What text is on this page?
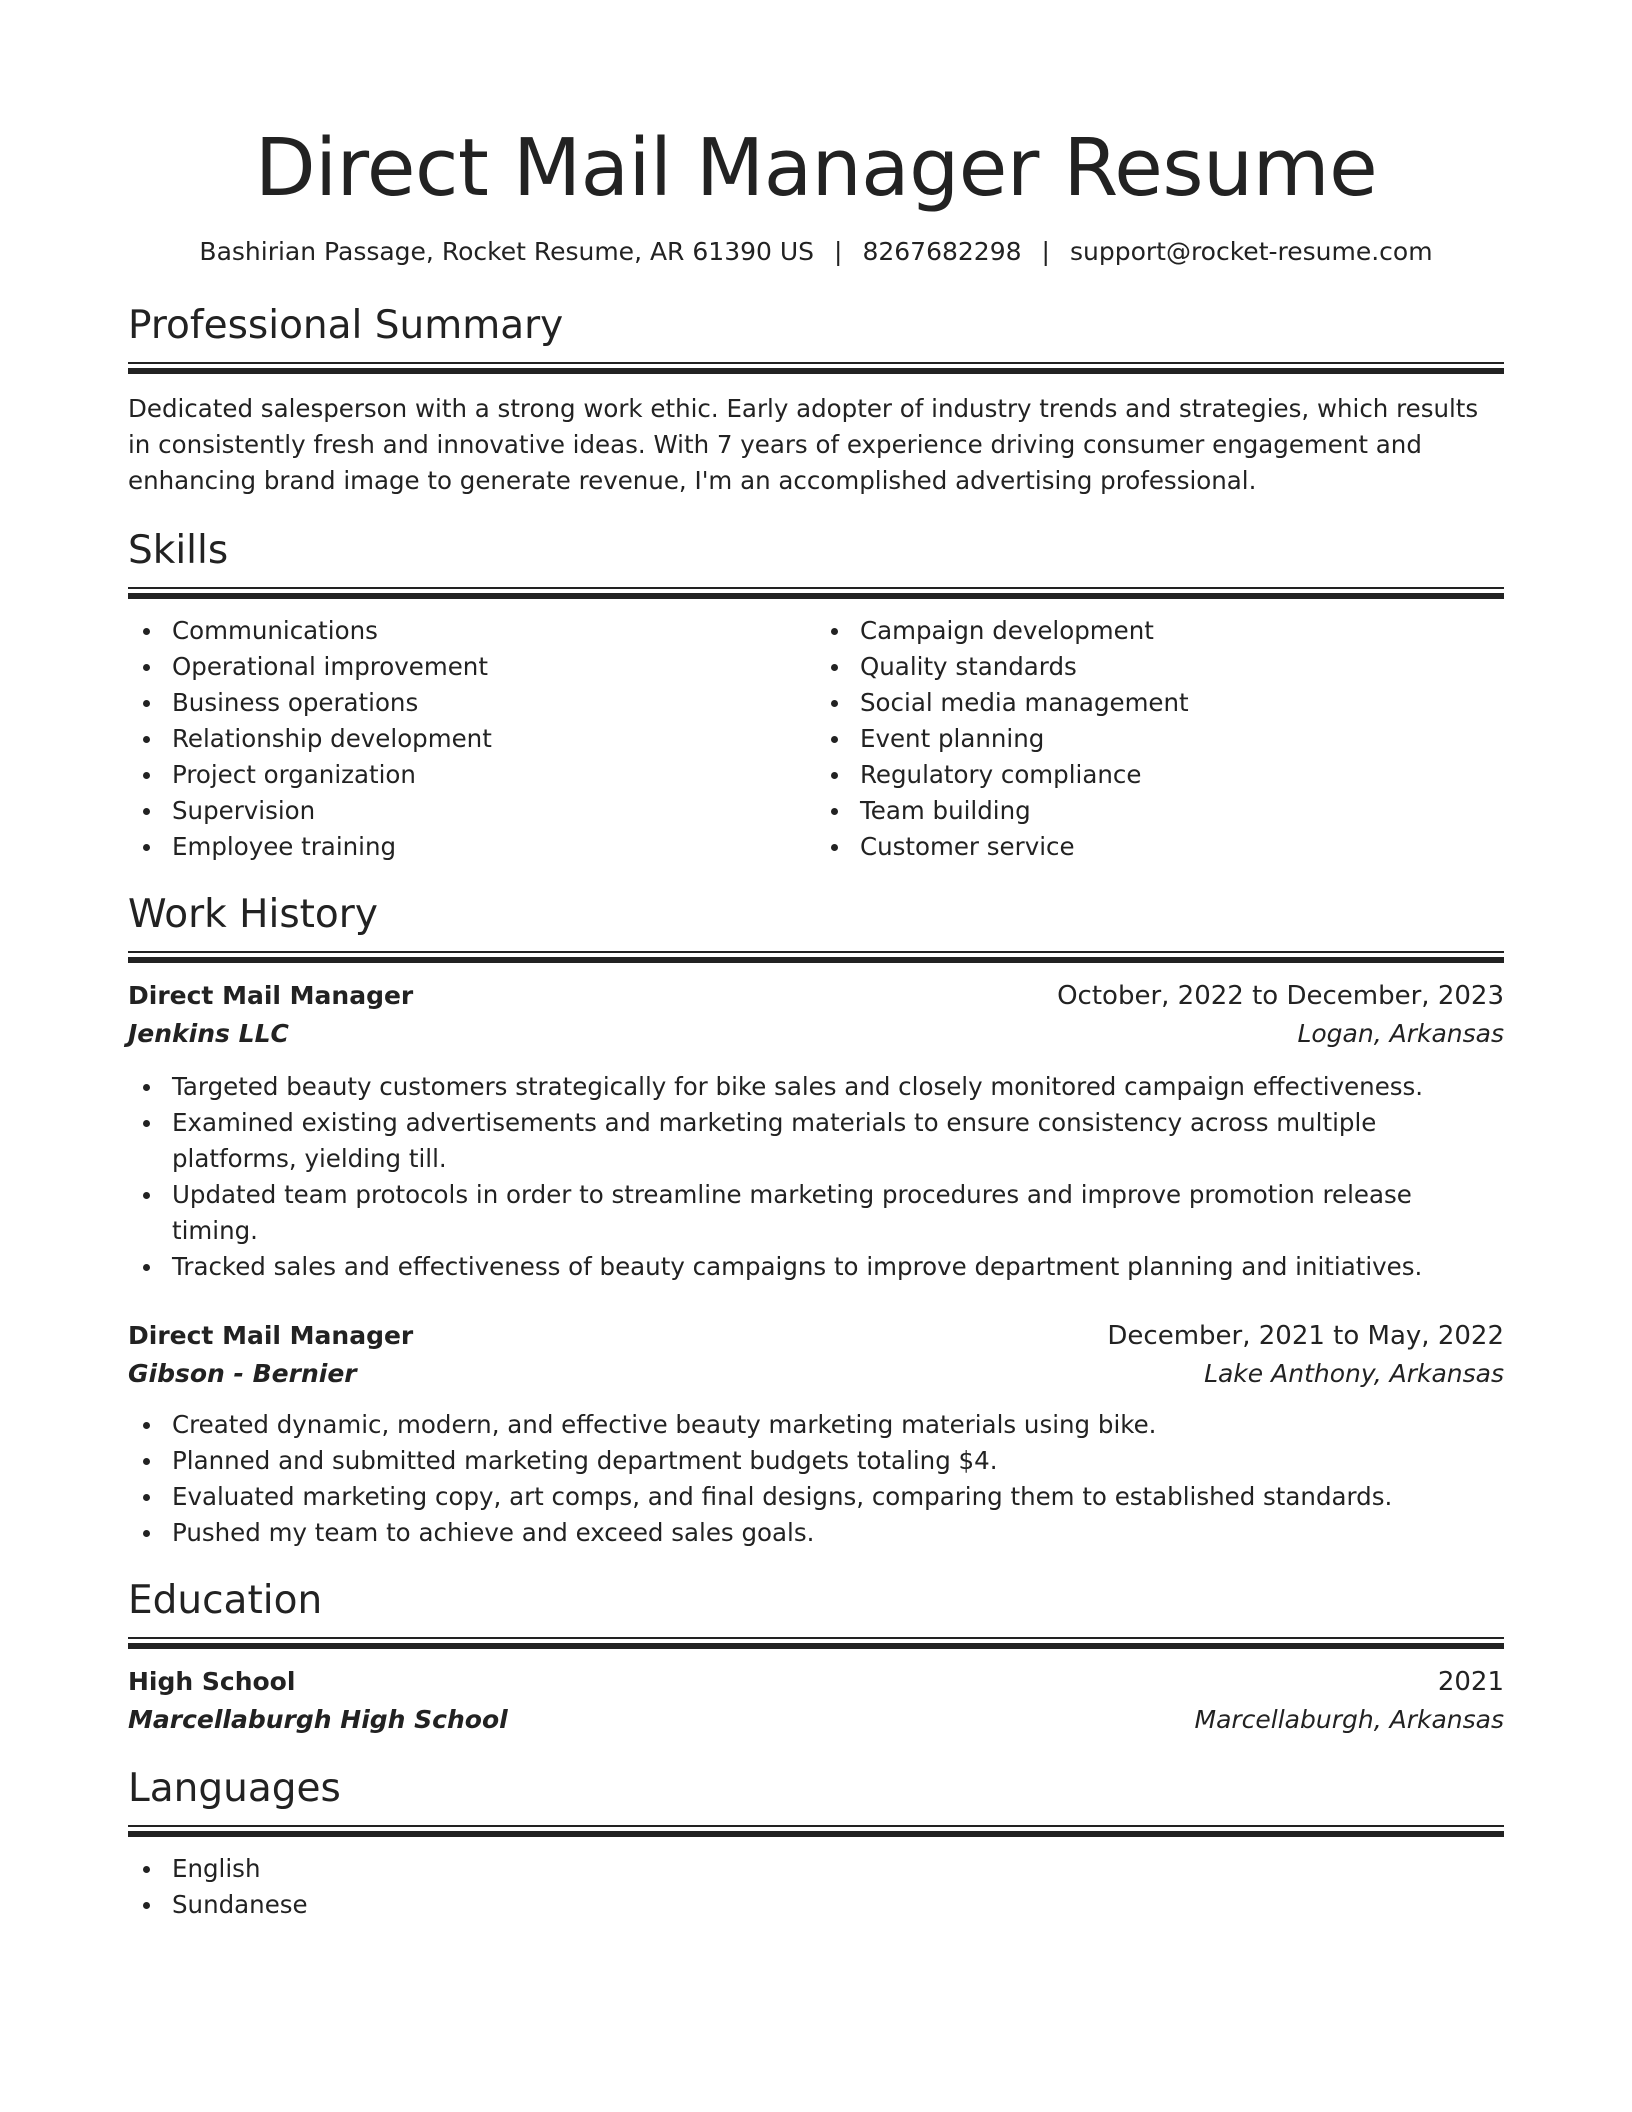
Direct Mail Manager Resume
Bashirian Passage, Rocket Resume, AR 61390 US | 8267682298 | support@rocket-resume.com
Professional Summary

Dedicated salesperson with a strong work ethic. Early adopter of industry trends and strategies, which results in consistently fresh and innovative ideas. With 7 years of experience driving consumer engagement and enhancing brand image to generate revenue, I'm an accomplished advertising professional.

Skills
Communications
Operational improvement
Business operations
Relationship development
Project organization
Supervision
Employee training
Campaign development
Quality standards
Social media management
Event planning
Regulatory compliance
Team building
Customer service
Work History
Direct Mail Manager	October, 2022 to December, 2023
Jenkins LLC	Logan, Arkansas
Targeted beauty customers strategically for bike sales and closely monitored campaign effectiveness.
Examined existing advertisements and marketing materials to ensure consistency across multiple platforms, yielding till.
Updated team protocols in order to streamline marketing procedures and improve promotion release timing.
Tracked sales and effectiveness of beauty campaigns to improve department planning and initiatives.
Direct Mail Manager	December, 2021 to May, 2022
Gibson - Bernier	Lake Anthony, Arkansas
Created dynamic, modern, and effective beauty marketing materials using bike.
Planned and submitted marketing department budgets totaling $4.
Evaluated marketing copy, art comps, and final designs, comparing them to established standards.
Pushed my team to achieve and exceed sales goals.
Education
High School	2021
Marcellaburgh High School	Marcellaburgh, Arkansas
Languages
English
Sundanese
